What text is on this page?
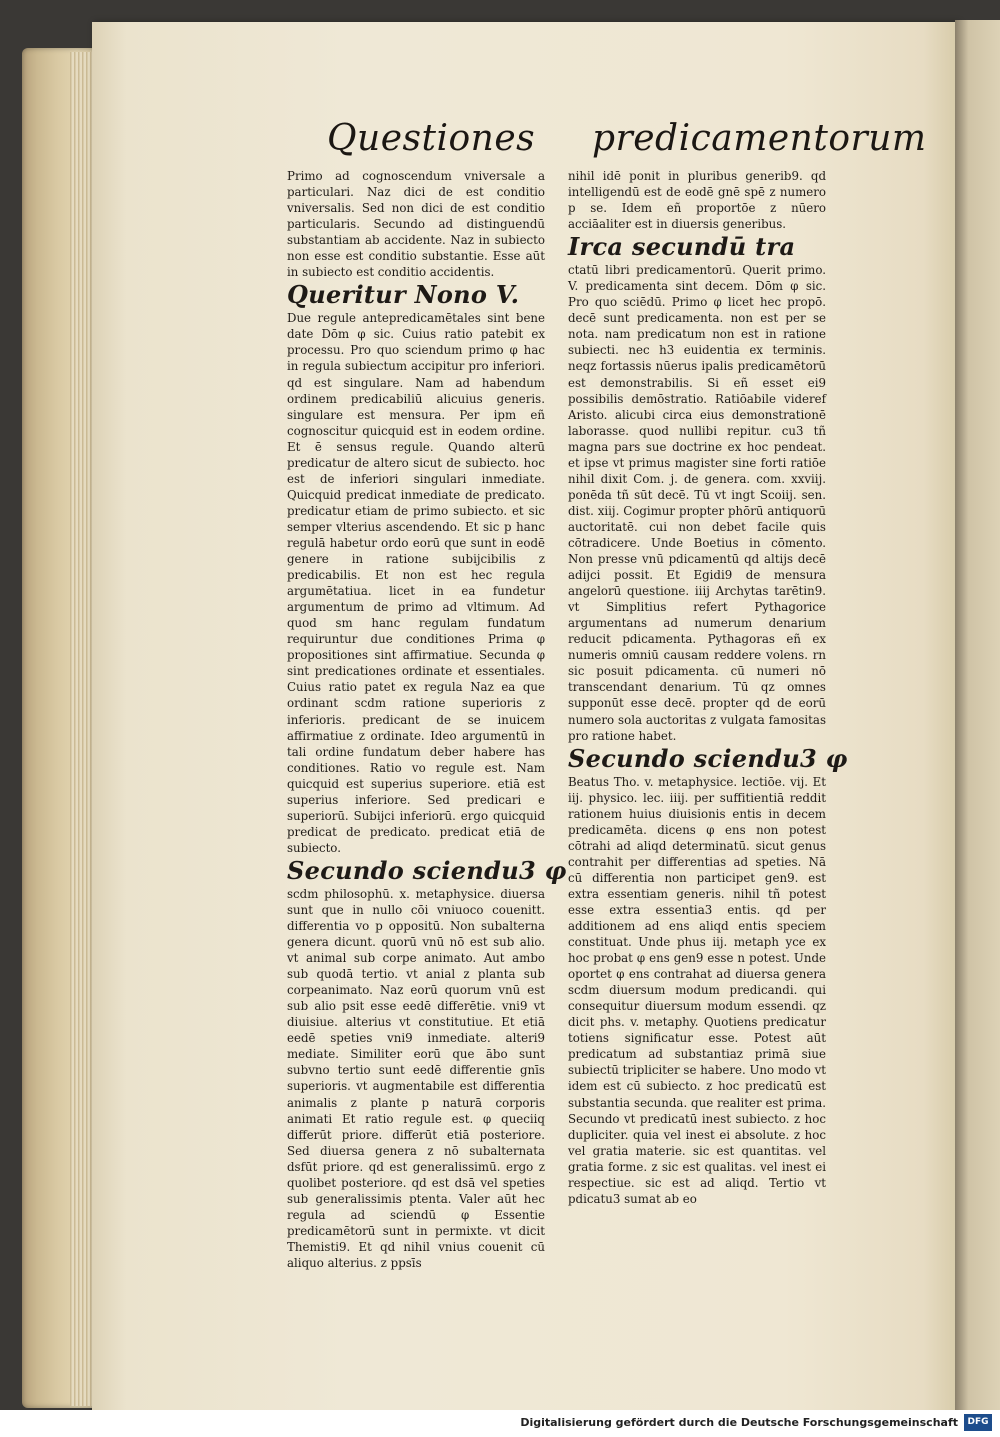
Questiones predicamentorum

Primo ad cognoscendum vniversale a particulari. Naz dici de est conditio vniversalis. Sed non dici de est conditio particularis. Secundo ad distinguendū substantiam ab accidente. Naz in subiecto non esse est conditio substantie. Esse aūt in subiecto est conditio accidentis.

Queritur Nono V.

Due regule antepredicamētales sint bene date Dōm φ sic. Cuius ratio patebit ex processu. Pro quo sciendum primo φ hac in regula subiectum accipitur pro inferiori. qd est singulare. Nam ad habendum ordinem predicabiliū alicuius generis. singulare est mensura. Per ipm eñ cognoscitur quicquid est in eodem ordine. Et ē sensus regule. Quando alterū predicatur de altero sicut de subiecto. hoc est de inferiori singulari inmediate. Quicquid predicat inmediate de predicato. predicatur etiam de primo subiecto. et sic semper vlterius ascendendo. Et sic p hanc regulā habetur ordo eorū que sunt in eodē genere in ratione subijcibilis z predicabilis. Et non est hec regula argumētatiua. licet in ea fundetur argumentum de primo ad vltimum. Ad quod sm hanc regulam fundatum requiruntur due conditiones Prima φ propositiones sint affirmatiue. Secunda φ sint predicationes ordinate et essentiales. Cuius ratio patet ex regula Naz ea que ordinant scdm ratione superioris z inferioris. predicant de se inuicem affirmatiue z ordinate. Ideo argumentū in tali ordine fundatum deber habere has conditiones. Ratio vo regule est. Nam quicquid est superius superiore. etiā est superius inferiore. Sed predicari e superiorū. Subijci inferiorū. ergo quicquid predicat de predicato. predicat etiā de subiecto.

Secundo sciendu3 φ

scdm philosophū. x. metaphysice. diuersa sunt que in nullo cōi vniuoco couenitt. differentia vo p oppositū. Non subalterna genera dicunt. quorū vnū nō est sub alio. vt animal sub corpe animato. Aut ambo sub quodā tertio. vt anial z planta sub corpeanimato. Naz eorū quorum vnū est sub alio psit esse eedē differētie. vni9 vt diuisiue. alterius vt constitutiue. Et etiā eedē speties vni9 inmediate. alteri9 mediate. Similiter eorū que ābo sunt subvno tertio sunt eedē differentie gnīs superioris. vt augmentabile est differentia animalis z plante p naturā corporis animati Et ratio regule est. φ queciiq differūt priore. differūt etiā posteriore. Sed diuersa genera z nō subalternata dsfūt priore. qd est generalissimū. ergo z quolibet posteriore. qd est dsā vel speties sub generalissimis ptenta. Valer aūt hec regula ad sciendū φ Essentie predicamētorū sunt in permixte. vt dicit Themisti9. Et qd nihil vnius couenit cū aliquo alterius. z ppsīs

nihil idē ponit in pluribus generib9. qd intelligendū est de eodē gnē spē z numero p se. Idem eñ proportōe z nūero acciāaliter est in diuersis generibus.

Irca secundū tra

ctatū libri predicamentorū. Querit primo. V. predicamenta sint decem. Dōm φ sic. Pro quo sciēdū. Primo φ licet hec propō. decē sunt predicamenta. non est per se nota. nam predicatum non est in ratione subiecti. nec h3 euidentia ex terminis. neqz fortassis nūerus ipalis predicamētorū est demonstrabilis. Si eñ esset ei9 possibilis demōstratio. Ratiōabile videref Aristo. alicubi circa eius demonstrationē laborasse. quod nullibi repitur. cu3 tñ magna pars sue doctrine ex hoc pendeat. et ipse vt primus magister sine forti ratiōe nihil dixit Com. j. de genera. com. xxviij. ponēda tñ sūt decē. Tū vt ingt Scoiij. sen. dist. xiij. Cogimur propter phōrū antiquorū auctoritatē. cui non debet facile quis cōtradicere. Unde Boetius in cōmento. Non presse vnū pdicamentū qd altijs decē adijci possit. Et Egidi9 de mensura angelorū questione. iiij Archytas tarētin9. vt Simplitius refert Pythagorice argumentans ad numerum denarium reducit pdicamenta. Pythagoras eñ ex numeris omniū causam reddere volens. rn sic posuit pdicamenta. cū numeri nō transcendant denarium. Tū qz omnes supponūt esse decē. propter qd de eorū numero sola auctoritas z vulgata famositas pro ratione habet.

Secundo sciendu3 φ

Beatus Tho. v. metaphysice. lectiōe. vij. Et iij. physico. lec. iiij. per suffitientiā reddit rationem huius diuisionis entis in decem predicamēta. dicens φ ens non potest cōtrahi ad aliqd determinatū. sicut genus contrahit per differentias ad speties. Nā cū differentia non participet gen9. est extra essentiam generis. nihil tñ potest esse extra essentia3 entis. qd per additionem ad ens aliqd entis speciem constituat. Unde phus iij. metaph yce ex hoc probat φ ens gen9 esse n potest. Unde oportet φ ens contrahat ad diuersa genera scdm diuersum modum predicandi. qui consequitur diuersum modum essendi. qz dicit phs. v. metaphy. Quotiens predicatur totiens significatur esse. Potest aūt predicatum ad substantiaz primā siue subiectū tripliciter se habere. Uno modo vt idem est cū subiecto. z hoc predicatū est substantia secunda. que realiter est prima. Secundo vt predicatū inest subiecto. z hoc dupliciter. quia vel inest ei absolute. z hoc vel gratia materie. sic est quantitas. vel gratia forme. z sic est qualitas. vel inest ei respectiue. sic est ad aliqd. Tertio vt pdicatu3 sumat ab eo

Digitalisierung gefördert durch die Deutsche Forschungsgemeinschaft	DFG
